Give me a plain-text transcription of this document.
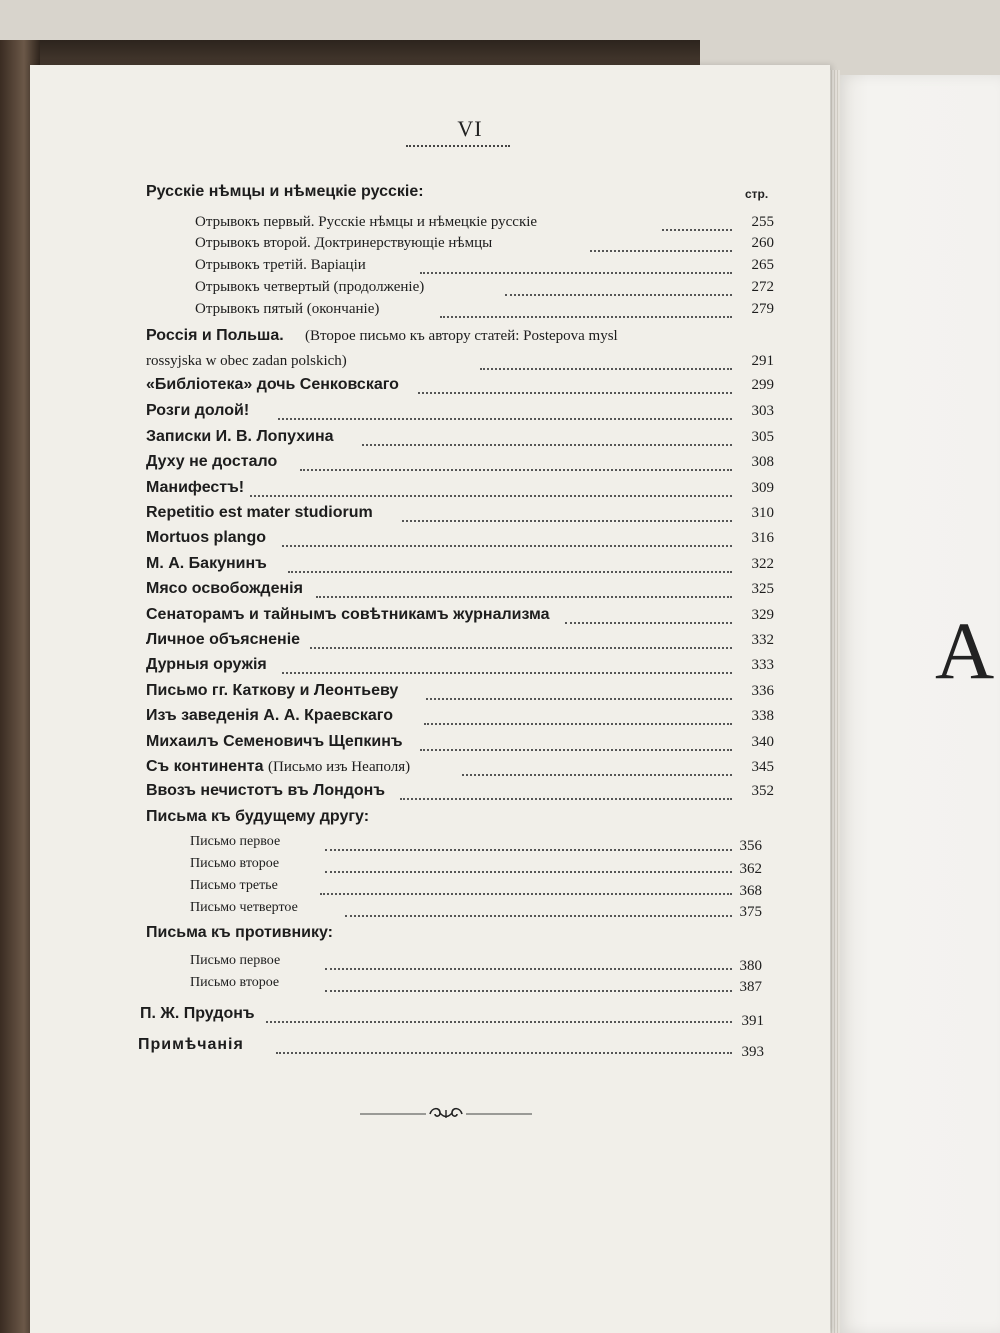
А
VI
стр.
Русскіе нѣмцы и нѣмецкіе русскіе:
Отрывокъ первый. Русскіе нѣмцы и нѣмецкіе русскіе	255
Отрывокъ второй. Доктринерствующіе нѣмцы	260
Отрывокъ третій. Варіаціи	265
Отрывокъ четвертый (продолженіе)	272
Отрывокъ пятый (окончаніе)	279
Россія и Польша. (Второе письмо къ автору статей: Postepova mysl
rossyjska w obec zadan polskich)	291
«Библіотека» дочь Сенковскаго	299
Розги долой!	303
Записки И. В. Лопухина	305
Духу не достало	308
Манифестъ!	309
Repetitio est mater studiorum	310
Mortuos plango	316
М. А. Бакунинъ	322
Мясо освобожденія	325
Сенаторамъ и тайнымъ совѣтникамъ журнализма	329
Личное объясненіе	332
Дурныя оружія	333
Письмо гг. Каткову и Леонтьеву	336
Изъ заведенія А. А. Краевскаго	338
Михаилъ Семеновичъ Щепкинъ	340
Съ континента (Письмо изъ Неаполя)	345
Ввозъ нечистотъ въ Лондонъ	352
Письма къ будущему другу:
Письмо первое	356
Письмо второе	362
Письмо третье	368
Письмо четвертое	375
Письма къ противнику:
Письмо первое	380
Письмо второе	387
П. Ж. Прудонъ	391
Примѣчанія	393
